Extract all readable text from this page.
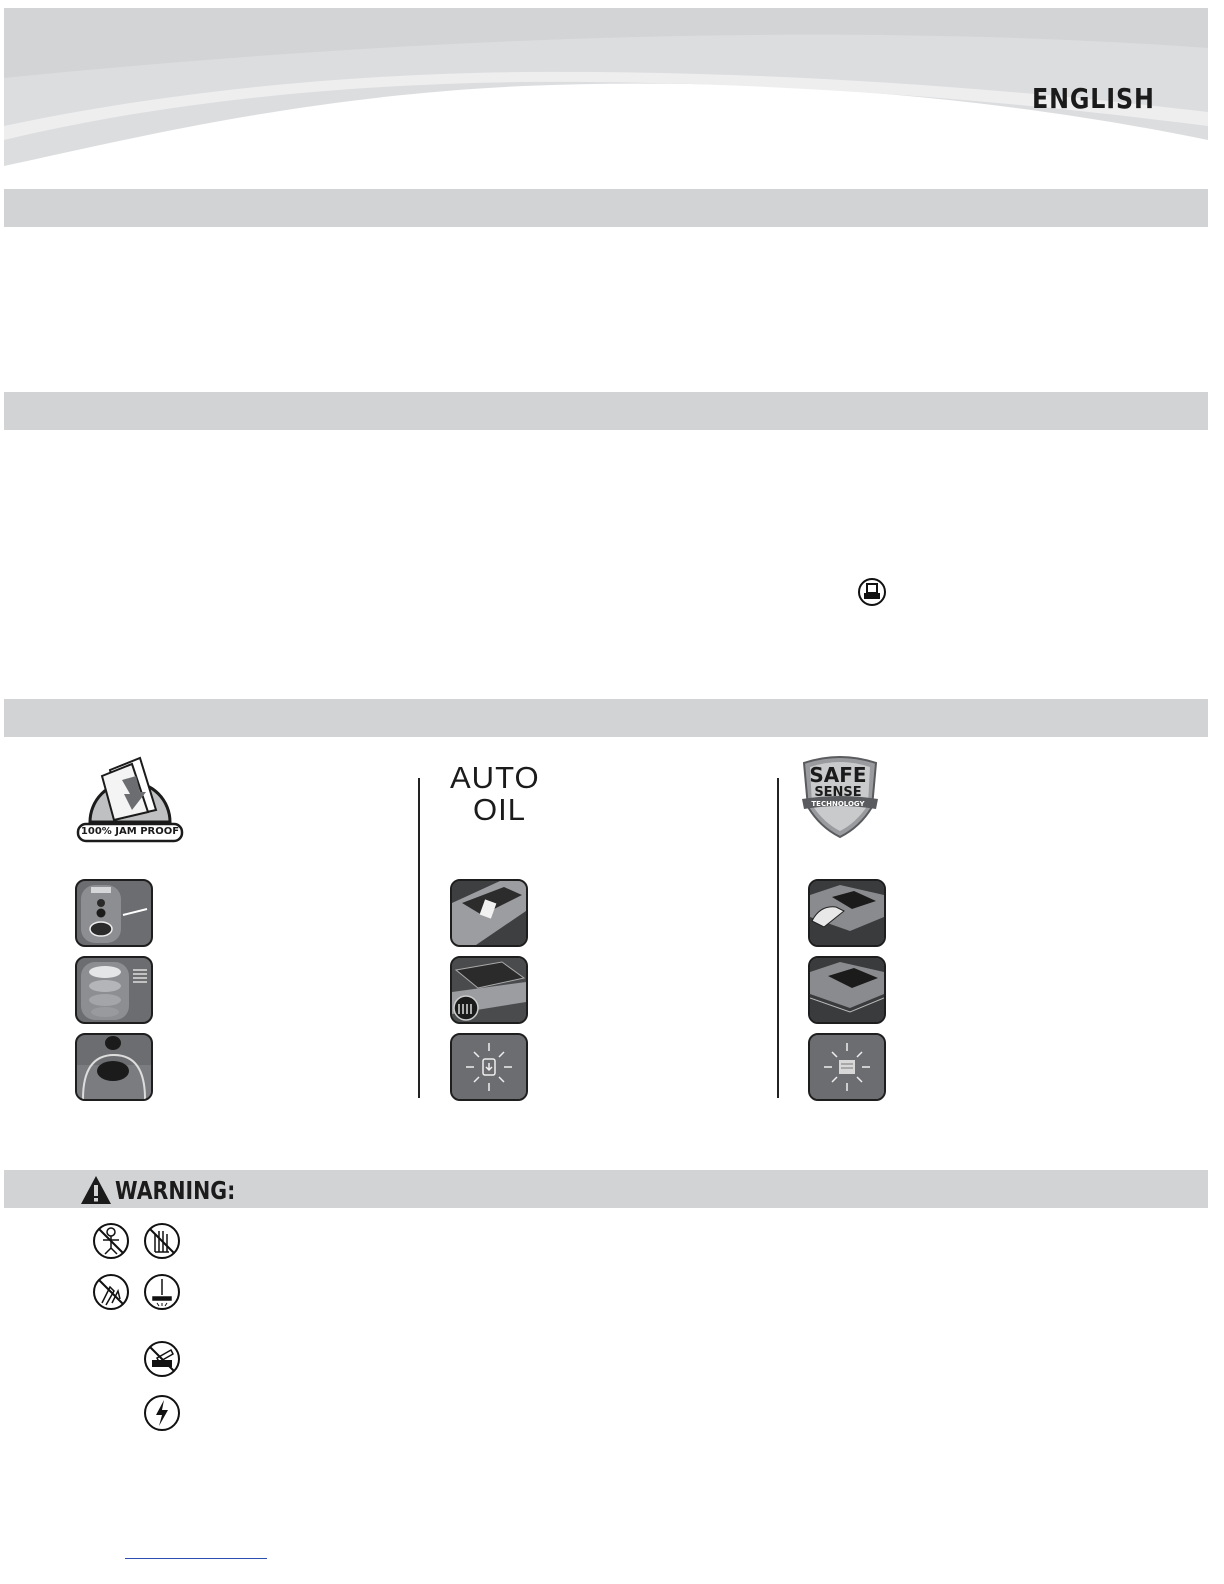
ENGLISH
WARNING:
100% JAM PROOF
AUTO
OIL
SAFE
SENSE
TECHNOLOGY
